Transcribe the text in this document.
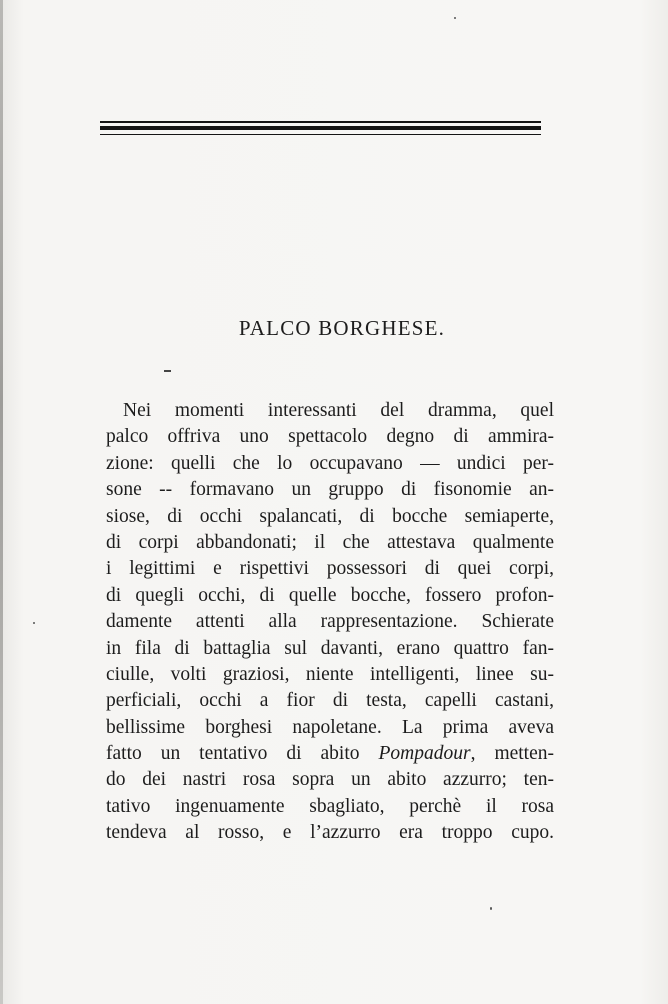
PALCO BORGHESE.
Nei momenti interessanti del dramma, quel
palco offriva uno spettacolo degno di ammira-
zione: quelli che lo occupavano — undici per-
sone -- formavano un gruppo di fisonomie an-
siose, di occhi spalancati, di bocche semiaperte,
di corpi abbandonati; il che attestava qualmente
i legittimi e rispettivi possessori di quei corpi,
di quegli occhi, di quelle bocche, fossero profon-
damente attenti alla rappresentazione. Schierate
in fila di battaglia sul davanti, erano quattro fan-
ciulle, volti graziosi, niente intelligenti, linee su-
perficiali, occhi a fior di testa, capelli castani,
bellissime borghesi napoletane. La prima aveva
fatto un tentativo di abito Pompadour, metten-
do dei nastri rosa sopra un abito azzurro; ten-
tativo ingenuamente sbagliato, perchè il rosa
tendeva al rosso, e l’azzurro era troppo cupo.
